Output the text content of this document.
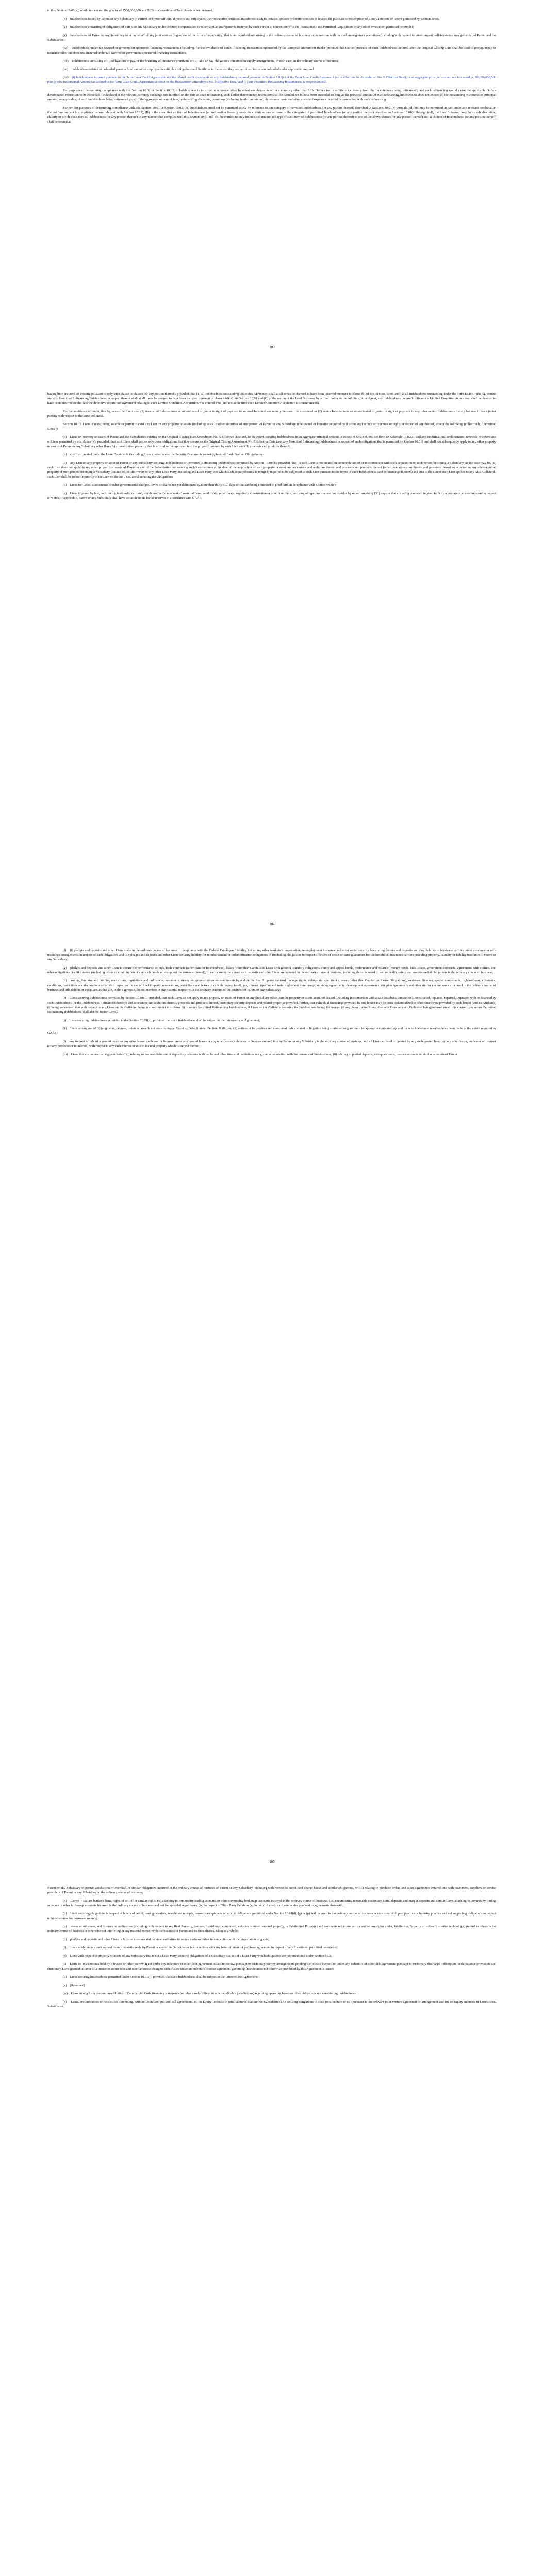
to this Section 10.01(x); would not exceed the greater of $500,000,000 and 5.0% of Consolidated Total Assets when incurred;

(x) Indebtedness issued by Parent or any Subsidiary to current or former officers, directors and employees, their respective permitted transferees, assigns, estates, spouses or former spouses to finance the purchase or redemption of Equity Interests of Parent permitted by Section 10.06;

(y) Indebtedness consisting of obligations of Parent or any Subsidiary under deferred compensation or other similar arrangements incurred by such Person in connection with the Transactions and Permitted Acquisitions or any other Investment permitted hereunder;

(z) Indebtedness of Parent or any Subsidiary to or on behalf of any joint venture (regardless of the form of legal entity) that is not a Subsidiary arising in the ordinary course of business in connection with the cash management operations (including with respect to intercompany self-insurance arrangements) of Parent and the Subsidiaries;

(aa) Indebtedness under tax-favored or government sponsored financing transactions (including, for the avoidance of doubt, financing transactions sponsored by the European Investment Bank); provided that the net proceeds of such Indebtedness incurred after the Original Closing Date shall be used to prepay, repay or refinance other Indebtedness incurred under tax-favored or government sponsored financing transactions;

(bb) Indebtedness consisting of (i) obligations to pay, or the financing of, insurance premiums or (ii) take-or-pay obligations contained in supply arrangements, in each case, in the ordinary course of business;

(cc) Indebtedness related to unfunded pension fund and other employee benefit plan obligations and liabilities to the extent they are permitted to remain unfunded under applicable law; and

(dd) (i) Indebtedness incurred pursuant to the Term Loan Credit Agreement and the related credit documents or any Indebtedness incurred pursuant to Section 8.01(v) of the Term Loan Credit Agreement (as in effect on the Amendment No. 5 Effective Date), in an aggregate principal amount not to exceed (x) $1,000,000,000 plus (y) the Incremental Amount (as defined in the Term Loan Credit Agreement in effect on the Restatement Amendment No. 5 Effective Date) and (ii) any Permitted Refinancing Indebtedness in respect thereof.

For purposes of determining compliance with this Section 10.01 or Section 10.02, if Indebtedness is incurred to refinance other Indebtedness denominated in a currency other than U.S. Dollars (or in a different currency from the Indebtedness being refinanced), and such refinancing would cause the applicable Dollar-denominated restriction to be exceeded if calculated at the relevant currency exchange rate in effect on the date of such refinancing, such Dollar-denominated restriction shall be deemed not to have been exceeded so long as the principal amount of such refinancing Indebtedness does not exceed (i) the outstanding or committed principal amount, as applicable, of such Indebtedness being refinanced plus (ii) the aggregate amount of fees, underwriting discounts, premiums (including tender premiums), defeasance costs and other costs and expenses incurred in connection with such refinancing.

Further, for purposes of determining compliance with this Section 10.01 or Section 10.02, (A) Indebtedness need not be permitted solely by reference to one category of permitted Indebtedness (or any portion thereof) described in Sections 10.01(a) through (dd) but may be permitted in part under any relevant combination thereof (and subject to compliance, where relevant, with Section 10.02), (B) in the event that an item of Indebtedness (or any portion thereof) meets the criteria of one or more of the categories of permitted Indebtedness (or any portion thereof) described in Sections 10.01(a) through (dd), the Lead Borrower may, in its sole discretion, classify or divide such item of Indebtedness (or any portion thereof) in any manner that complies with this Section 10.01 and will be entitled to only include the amount and type of such item of Indebtedness (or any portion thereof) in one of the above clauses (or any portion thereof) and such item of Indebtedness (or any portion thereof) shall be treated as

103

having been incurred or existing pursuant to only such clause or clauses (or any portion thereof); provided, that (1) all Indebtedness outstanding under this Agreement shall at all times be deemed to have been incurred pursuant to clause (b) of this Section 10.01 and (2) all Indebtedness outstanding under the Term Loan Credit Agreement and any Permitted Refinancing Indebtedness in respect thereof shall at all times be deemed to have been incurred pursuant to clause (dd) of this Section 10.01 and (C) at the option of the Lead Borrower by written notice to the Administrative Agent, any Indebtedness incurred to finance a Limited Condition Acquisition shall be deemed to have been incurred on the date the definitive acquisition agreement relating to such Limited Condition Acquisition was entered into (and not at the time such Limited Condition Acquisition is consummated).

For the avoidance of doubt, this Agreement will not treat (1) unsecured Indebtedness as subordinated or junior in right of payment to secured Indebtedness merely because it is unsecured or (2) senior Indebtedness as subordinated or junior in right of payment to any other senior Indebtedness merely because it has a junior priority with respect to the same collateral.

Section 10.02. Liens. Create, incur, assume or permit to exist any Lien on any property or assets (including stock or other securities of any person) of Parent or any Subsidiary now owned or hereafter acquired by it or on any income or revenues or rights in respect of any thereof, except the following (collectively, "Permitted Liens"):

(a) Liens on property or assets of Parent and the Subsidiaries existing on the Original Closing DateAmendment No. 5 Effective Date and, to the extent securing Indebtedness in an aggregate principal amount in excess of $35,000,000, set forth on Schedule 10.02(a), and any modifications, replacements, renewals or extensions of Liens permitted by this clause (a); provided, that such Liens shall secure only those obligations that they secure on the Original ClosingAmendment No. 5 Effective Date (and any Permitted Refinancing Indebtedness in respect of such obligations that is permitted by Section 10.01) and shall not subsequently apply to any other property or assets of Parent or any Subsidiary other than (A) after-acquired property that is affixed or incorporated into the property covered by such Lien and (B) proceeds and products thereof;

(b) any Lien created under the Loan Documents (including Liens created under the Security Documents securing Secured Bank Product Obligations);

(c) any Lien on any property or asset of Parent or any Subsidiary securing Indebtedness or Permitted Refinancing Indebtedness permitted by Section 10.01(h); provided, that (i) such Lien is not created in contemplation of or in connection with such acquisition or such person becoming a Subsidiary, as the case may be, (ii) such Lien does not apply to any other property or assets of Parent or any of the Subsidiaries not securing such Indebtedness at the date of the acquisition of such property or asset and accessions and additions thereto and proceeds and products thereof (other than accessions thereto and proceeds thereof so acquired or any after-acquired property of such person becoming a Subsidiary (but not of the Borrowers or any other Loan Party, including any Loan Party into which such acquired entity is merged) required to be subjected to such Lien pursuant to the terms of such Indebtedness (and refinancings thereof)) and (iii) to the extent such Lien applies to any ABL Collateral, such Lien shall be junior in priority to the Lien on the ABL Collateral securing the Obligations;

(d) Liens for Taxes, assessments or other governmental charges, levies or claims not yet delinquent by more than thirty (30) days or that are being contested in good faith in compliance with Section 9.03(c);

(e) Liens imposed by law, constituting landlord's, carriers', warehousemen's, mechanics', materialmen's, workmen's, repairmen's, supplier's, construction or other like Liens, securing obligations that are not overdue by more than thirty (30) days or that are being contested in good faith by appropriate proceedings and in respect of which, if applicable, Parent or any Subsidiary shall have set aside on its books reserves in accordance with GAAP;

104

(f) (i) pledges and deposits and other Liens made in the ordinary course of business in compliance with the Federal Employers Liability Act or any other workers' compensation, unemployment insurance and other social security laws or regulations and deposits securing liability to insurance carriers under insurance or self-insurance arrangements in respect of such obligations and (ii) pledges and deposits and other Liens securing liability for reimbursement or indemnification obligations of (including obligations in respect of letters of credit or bank guarantees for the benefit of) insurance carriers providing property, casualty or liability insurance to Parent or any Subsidiary;

(g) pledges and deposits and other Liens to secure the performance of bids, trade contracts (other than for Indebtedness), leases (other than Capitalized Lease Obligations), statutory obligations, surety and appeal bonds, performance and return-of-money bonds, bids, leases, government contracts, agreements with utilities, and other obligations of a like nature (including letters of credit in lieu of any such bonds or to support the issuance thereof), in each case to the extent such deposits and other Liens are incurred in the ordinary course of business, including those incurred to secure health, safety and environmental obligations in the ordinary course of business;

(h) zoning, land use and building restrictions, regulations and ordinances, easements, survey exceptions, minor encroachments by and on the Real Property, railroad trackage rights, sidings and spur tracks, leases (other than Capitalized Lease Obligations), subleases, licenses, special assessments, rights-of-way, covenants, conditions, restrictions and declarations on or with respect to the use of Real Property, reservations, restrictions and leases of or with respect to oil, gas, mineral, riparian and water rights and water usage, servicing agreements, development agreements, site plan agreements and other similar encumbrances incurred in the ordinary course of business and title defects or irregularities that are, in the aggregate, do not interfere in any material respect with the ordinary conduct of the business of Parent or any Subsidiary;

(i) Liens securing Indebtedness permitted by Section 10.01(i); provided, that such Liens do not apply to any property or assets of Parent or any Subsidiary other than the property or assets acquired, leased (including in connection with a sale leaseback transaction), constructed, replaced, repaired, improved with or financed by such Indebtedness (or the Indebtedness Refinanced thereby) and accessions and additions thereto, proceeds and products thereof, customary security deposits and related property; provided, further, that individual financings provided by one lender may be cross-collateralized to other financings provided by such lender (and its Affiliates) (it being understood that with respect to any Liens on the Collateral being incurred under this clause (i) to secure Permitted Refinancing Indebtedness, if Liens on the Collateral securing the Indebtedness being Refinanced (if any) were Junior Liens, then any Liens on such Collateral being incurred under this clause (i) to secure Permitted Refinancing Indebtedness shall also be Junior Liens);

(j) Liens securing Indebtedness permitted under Section 10.01(d); provided that such Indebtedness shall be subject to the Intercompany Agreement;

(k) Liens arising out of (i) judgments, decrees, orders or awards not constituting an Event of Default under Section 11.01(i) or (ii) notices of lis pendens and associated rights related to litigation being contested in good faith by appropriate proceedings and for which adequate reserves have been made to the extent required by GAAP;

(l) any interest or title of a ground lessor or any other lessor, sublessor or licensor under any ground leases or any other leases, subleases or licenses entered into by Parent or any Subsidiary in the ordinary course of business, and all Liens suffered or created by any such ground lessor or any other lessor, sublessor or licensor (or any predecessor in interest) with respect to any such interest or title in the real property which is subject thereof;

(m) Liens that are contractual rights of set-off (i) relating to the establishment of depository relations with banks and other financial institutions not given in connection with the issuance of Indebtedness, (ii) relating to pooled deposits, sweep accounts, reserve accounts or similar accounts of Parent

105

Parent or any Subsidiary to permit satisfaction of overdraft or similar obligations incurred in the ordinary course of business of Parent or any Subsidiary, including with respect to credit card charge-backs and similar obligations, or (iii) relating to purchase orders and other agreements entered into with customers, suppliers or service providers of Parent or any Subsidiary in the ordinary course of business;

(n) Liens (i) that are banker's liens, rights of set-off or similar rights, (ii) attaching to commodity trading accounts or other commodity brokerage accounts incurred in the ordinary course of business, (iii) encumbering reasonable customary initial deposits and margin deposits and similar Liens attaching to commodity trading accounts or other brokerage accounts incurred in the ordinary course of business and not for speculative purposes, (iv) in respect of Third Party Funds or (v) in favor of credit card companies pursuant to agreements therewith;

(o) Liens securing obligations in respect of letters of credit, bank guarantees, warehouse receipts, banker's acceptances or similar obligations permitted under Section 10.01(d), (g) or (p) and incurred in the ordinary course of business or consistent with past practice or industry practice and not supporting obligations in respect of Indebtedness for borrowed money;

(p) leases or subleases, and licenses or sublicenses (including with respect to any Real Property, fixtures, furnishings, equipment, vehicles or other personal property, or Intellectual Property) and covenants not to sue or to exercise any rights under, Intellectual Property or software or other technology, granted to others in the ordinary course of business or otherwise not interfering in any material respect with the business of Parent and its Subsidiaries, taken as a whole;

(q) pledges and deposits and other Liens in favor of customs and revenue authorities to secure customs duties in connection with the importation of goods;

(r) Liens solely on any cash earnest money deposits made by Parent or any of the Subsidiaries in connection with any letter of intent or purchase agreement in respect of any Investment permitted hereunder;

(s) Liens with respect to property or assets of any Subsidiary that is not a Loan Party securing obligations of a Subsidiary that is not a Loan Party which obligations are not prohibited under Section 10.01;

(t) Liens on any amounts held by a trustee or other escrow agent under any indenture or other debt agreement issued in escrow pursuant to customary escrow arrangements pending the release thereof, or under any indenture or other debt agreement pursuant to customary discharge, redemption or defeasance provisions and customary Liens granted in favor of a trustee to secure fees and other amounts owing to such trustee under an indenture or other agreement governing Indebtedness not otherwise prohibited by this Agreement is issued;

(u) Liens securing Indebtedness permitted under Section 10.01(j); provided that such Indebtedness shall be subject to the Intercreditor Agreement;

(v) [Reserved];

(w) Liens arising from precautionary Uniform Commercial Code financing statements (or other similar filings in other applicable jurisdictions) regarding operating leases or other obligations not constituting Indebtedness;

(x) Liens, encumbrances or restrictions (including, without limitation, put and call agreements) (i) on Equity Interests in joint ventures that are not Subsidiaries (A) securing obligations of such joint venture or (B) pursuant to the relevant joint venture agreement or arrangement and (ii) on Equity Interests in Unrestricted Subsidiaries;
